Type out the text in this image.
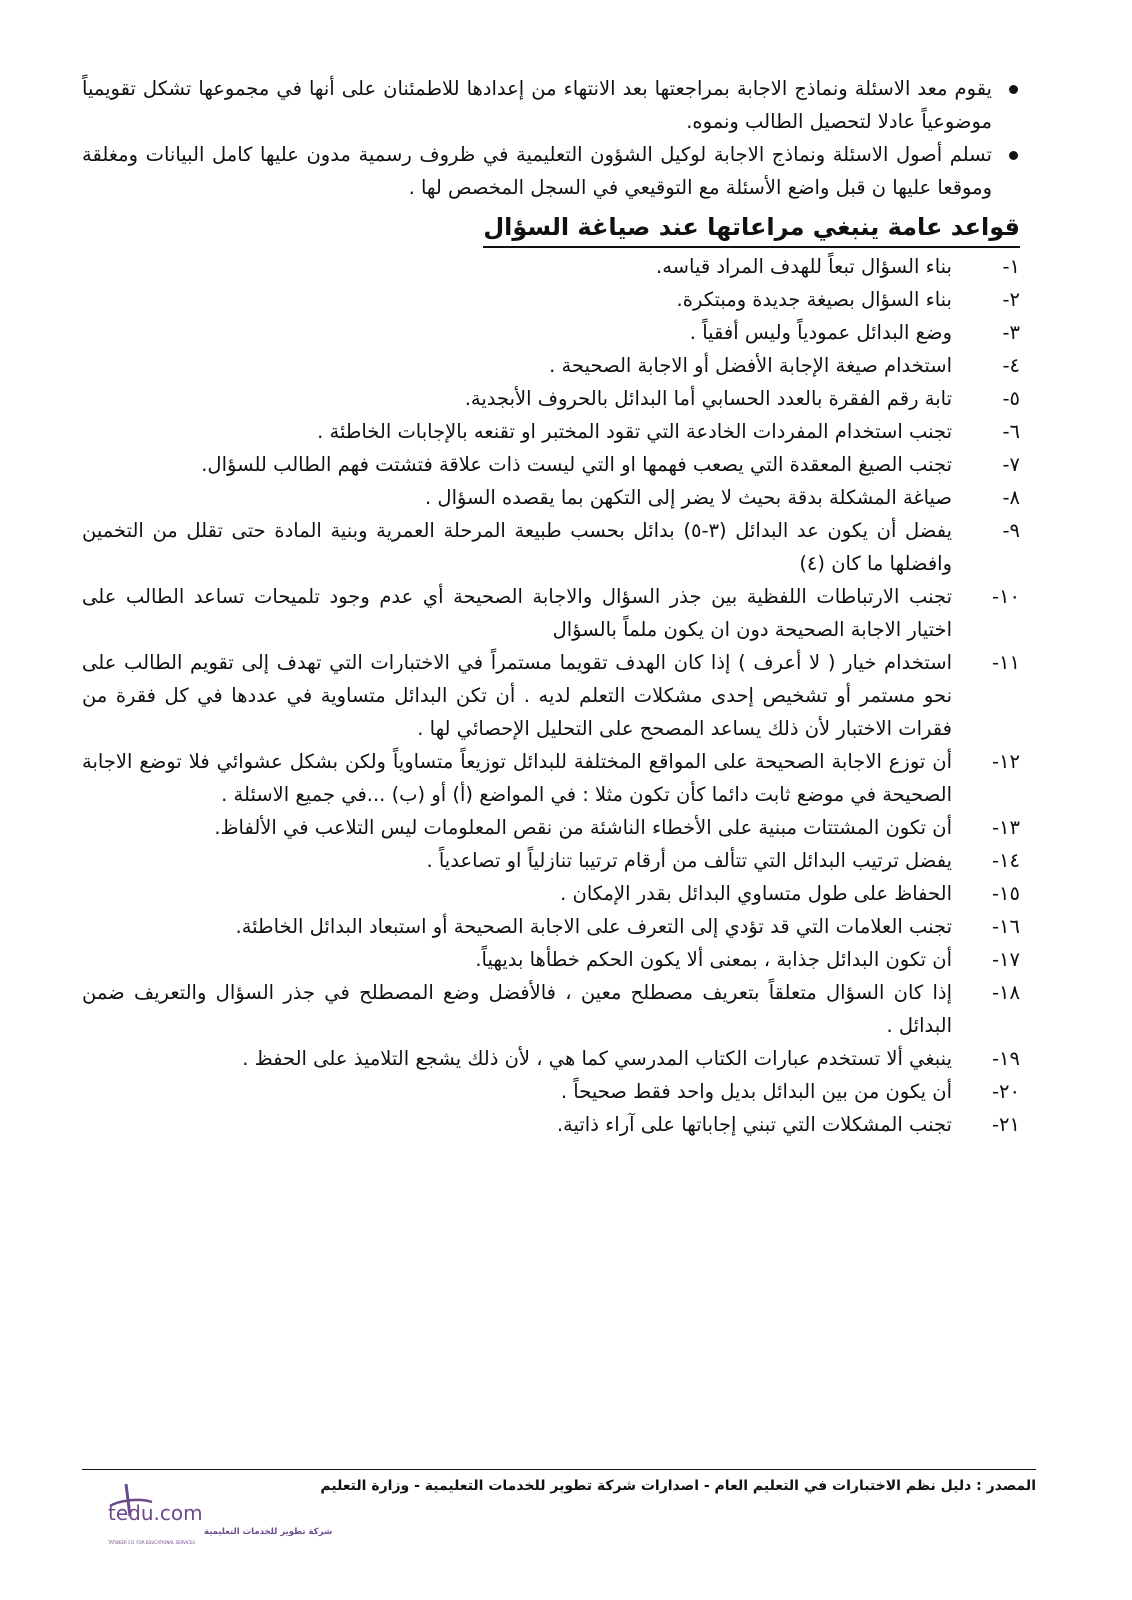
يقوم معد الاسئلة ونماذج الاجابة بمراجعتها بعد الانتهاء من إعدادها للاطمئنان على أنها في مجموعها تشكل تقويمياً موضوعياً عادلا لتحصيل الطالب ونموه.
تسلم أصول الاسئلة ونماذج الاجابة لوكيل الشؤون التعليمية في ظروف رسمية مدون عليها كامل البيانات ومغلقة وموقعا عليها ن قبل واضع الأسئلة مع التوقيعي في السجل المخصص لها .
قواعد عامة ينبغي مراعاتها عند صياغة السؤال
١-
بناء السؤال تبعاً للهدف المراد قياسه.
٢-
بناء السؤال بصيغة جديدة ومبتكرة.
٣-
وضع البدائل عمودياً وليس أفقياً .
٤-
استخدام صيغة الإجابة الأفضل أو الاجابة الصحيحة .
٥-
تابة رقم الفقرة بالعدد الحسابي أما البدائل بالحروف الأبجدية.
٦-
تجنب استخدام المفردات الخادعة التي تقود المختبر او تقنعه بالإجابات الخاطئة .
٧-
تجنب الصيغ المعقدة التي يصعب فهمها او التي ليست ذات علاقة فتشتت فهم الطالب للسؤال.
٨-
صياغة المشكلة بدقة بحيث لا يضر إلى التكهن بما يقصده السؤال .
٩-
يفضل أن يكون عد البدائل (٣-٥) بدائل بحسب طبيعة المرحلة العمرية وبنية المادة حتى تقلل من التخمين وافضلها ما كان (٤)
١٠-
تجنب الارتباطات اللفظية بين جذر السؤال والاجابة الصحيحة أي عدم وجود تلميحات تساعد الطالب على اختيار الاجابة الصحيحة دون ان يكون ملماً بالسؤال
١١-
استخدام خيار ( لا أعرف ) إذا كان الهدف تقويما مستمراً في الاختبارات التي تهدف إلى تقويم الطالب على نحو مستمر أو تشخيص إحدى مشكلات التعلم لديه . أن تكن البدائل متساوية في عددها في كل فقرة من فقرات الاختبار لأن ذلك يساعد المصحح على التحليل الإحصائي لها .
١٢-
أن توزع الاجابة الصحيحة على المواقع المختلفة للبدائل توزيعاً متساوياً ولكن بشكل عشوائي فلا توضع الاجابة الصحيحة في موضع ثابت دائما كأن تكون مثلا : في المواضع (أ) أو (ب) ...في جميع الاسئلة .
١٣-
أن تكون المشتتات مبنية على الأخطاء الناشئة من نقص المعلومات ليس التلاعب في الألفاظ.
١٤-
يفضل ترتيب البدائل التي تتألف من أرقام ترتيبا تنازلياً او تصاعدياً .
١٥-
الحفاظ على طول متساوي البدائل بقدر الإمكان .
١٦-
تجنب العلامات التي قد تؤدي إلى التعرف على الاجابة الصحيحة أو استبعاد البدائل الخاطئة.
١٧-
أن تكون البدائل جذابة ، بمعنى ألا يكون الحكم خطأها بديهياً.
١٨-
إذا كان السؤال متعلقاً بتعريف مصطلح معين ، فالأفضل وضع المصطلح في جذر السؤال والتعريف ضمن البدائل .
١٩-
ينبغي ألا تستخدم عبارات الكتاب المدرسي كما هي ، لأن ذلك يشجع التلاميذ على الحفظ .
٢٠-
أن يكون من بين البدائل بديل واحد فقط صحيحاً .
٢١-
تجنب المشكلات التي تبني إجاباتها على آراء ذاتية.
المصدر : دليل نظم الاختبارات في التعليم العام - اصدارات شركة تطوير للخدمات التعليمية - وزارة التعليم
tedu.com
شركة تطوير للخدمات التعليمية
TATWEER CO. FOR EDUCATIONAL SERVICES
